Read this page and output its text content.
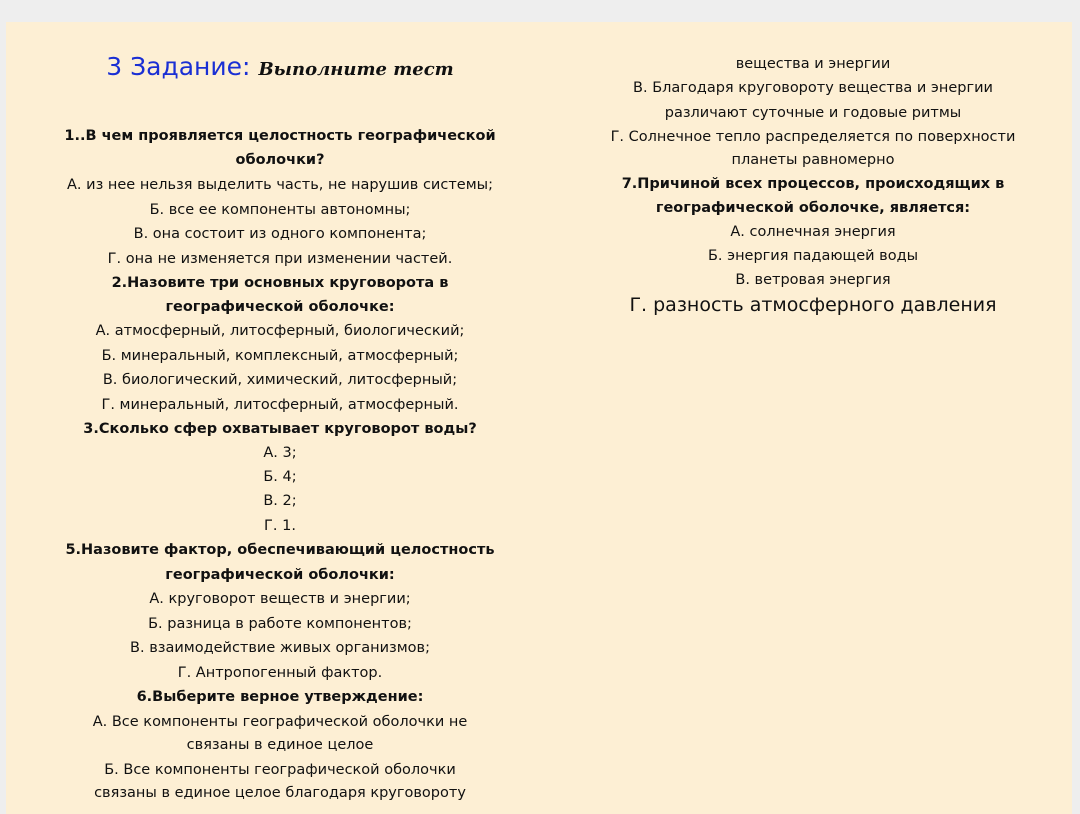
3 Задание: Выполните тест
1..В чем проявляется целостность географической
оболочки?
А. из нее нельзя выделить часть, не нарушив системы;
Б. все ее компоненты автономны;
В. она состоит из одного компонента;
Г. она не изменяется при изменении частей.
2.Назовите три основных круговорота в
географической оболочке:
А. атмосферный, литосферный, биологический;
Б. минеральный, комплексный, атмосферный;
В. биологический, химический, литосферный;
Г. минеральный, литосферный, атмосферный.
3.Сколько сфер охватывает круговорот воды?
А. 3;
Б. 4;
В. 2;
Г. 1.
5.Назовите фактор, обеспечивающий целостность
географической оболочки:
А. круговорот веществ и энергии;
Б. разница в работе компонентов;
В. взаимодействие живых организмов;
Г. Антропогенный фактор.
6.Выберите верное утверждение:
А. Все компоненты географической оболочки не
связаны в единое целое
Б. Все компоненты географической оболочки
связаны в единое целое благодаря круговороту
вещества и энергии
В. Благодаря круговороту вещества и энергии
различают суточные и годовые ритмы
Г. Солнечное тепло распределяется по поверхности
планеты равномерно
7.Причиной всех процессов, происходящих в
географической оболочке, является:
А. солнечная энергия
Б. энергия падающей воды
В. ветровая энергия
Г. разность атмосферного давления
